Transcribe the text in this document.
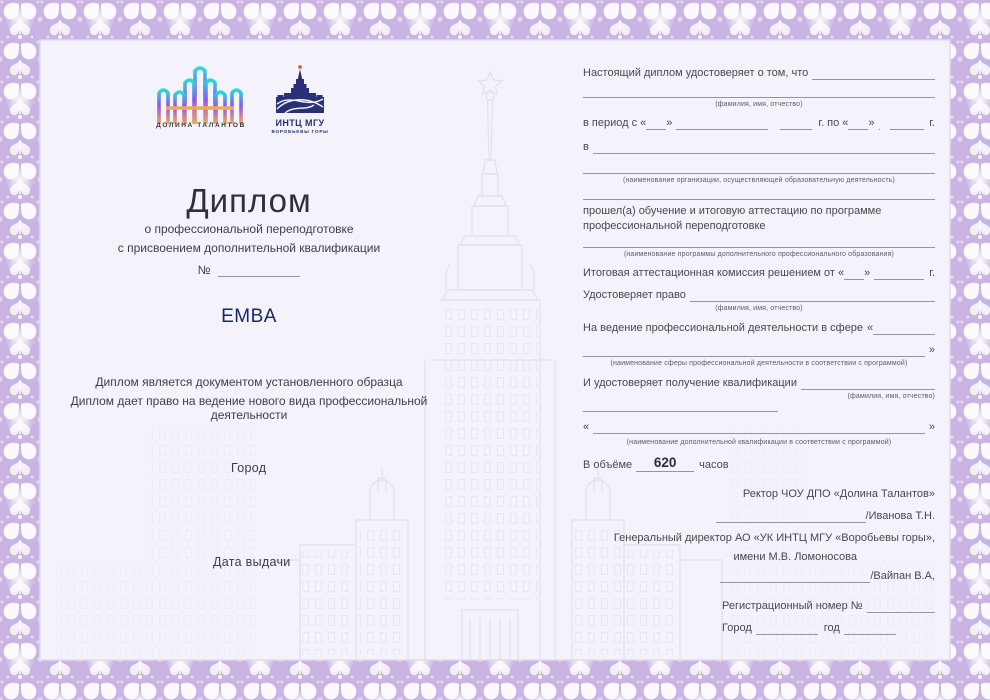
ДОЛИНА ТАЛАНТОВ	ИНТЦ МГУ
ВОРОБЬЕВЫ ГОРЫ
Диплом
о профессиональной переподготовке
с присвоением дополнительной квалификации
№
EMBA
Диплом является документом установленного образца
Диплом дает право на ведение нового вида профессиональной деятельности
Город
Дата выдачи
Настоящий диплом удостоверяет о том, что
(фамилия, имя, отчество)
в период с « »	г. по « »	г.
в
(наименование организации, осуществляющей образовательную деятельность)
прошел(а) обучение и итоговую аттестацию по программе
профессиональной переподготовке
(наименование программы дополнительного профессионального образования)
Итоговая аттестационная комиссия решением от « »	г.
Удостоверяет право
(фамилия, имя, отчество)
На ведение профессиональной деятельности в сфере «
»
(наименование сферы профессиональной деятельности в соответствии с программой)
И удостоверяет получение квалификации
(фамилия, имя, отчество)
«	»
(наименование дополнительной квалификации в соответствии с программой)
В объёме	620	часов
Ректор ЧОУ ДПО «Долина Талантов»
/Иванова Т.Н.
Генеральный директор АО «УК ИНТЦ МГУ «Воробьевы горы»,
имени М.В. Ломоносова
/Вайпан В.А,
Регистрационный номер №
Город	год
